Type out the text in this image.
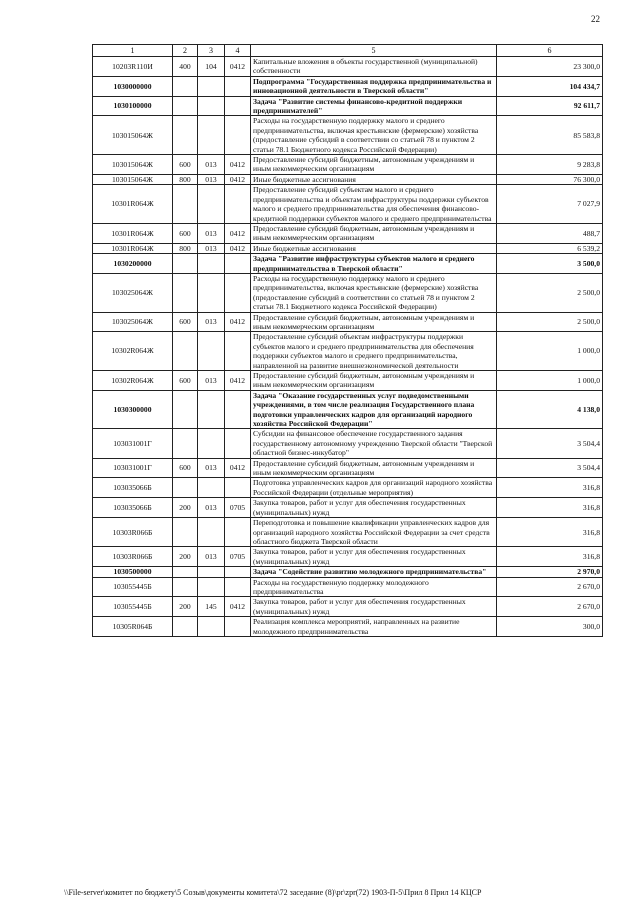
22
1	2	3	4	5	6
10203R110И	400	104	0412	Капитальные вложения в объекты государственной (муниципальной) собственности	23 300,0
1030000000				Подпрограмма "Государственная поддержка предпринимательства и инновационной деятельности в Тверской области"	104 434,7
1030100000				Задача "Развитие системы финансово-кредитной поддержки предпринимателей"	92 611,7
103015064Ж				Расходы на государственную поддержку малого и среднего предпринимательства, включая крестьянские (фермерские) хозяйства (предоставление субсидий в соответствии со статьей 78 и пунктом 2 статьи 78.1 Бюджетного кодекса Российской Федерации)	85 583,8
103015064Ж	600	013	0412	Предоставление субсидий бюджетным, автономным учреждениям и иным некоммерческим организациям	9 283,8
103015064Ж	800	013	0412	Иные бюджетные ассигнования	76 300,0
10301R064Ж				Предоставление субсидий субъектам малого и среднего предпринимательства и объектам инфраструктуры поддержки субъектов малого и среднего предпринимательства для обеспечения финансово-кредитной поддержки субъектов малого и среднего предпринимательства	7 027,9
10301R064Ж	600	013	0412	Предоставление субсидий бюджетным, автономным учреждениям и иным некоммерческим организациям	488,7
10301R064Ж	800	013	0412	Иные бюджетные ассигнования	6 539,2
1030200000				Задача "Развитие инфраструктуры субъектов малого и среднего предпринимательства в Тверской области"	3 500,0
103025064Ж				Расходы на государственную поддержку малого и среднего предпринимательства, включая крестьянские (фермерские) хозяйства (предоставление субсидий в соответствии со статьей 78 и пунктом 2 статьи 78.1 Бюджетного кодекса Российской Федерации)	2 500,0
103025064Ж	600	013	0412	Предоставление субсидий бюджетным, автономным учреждениям и иным некоммерческим организациям	2 500,0
10302R064Ж				Предоставление субсидий объектам инфраструктуры поддержки субъектов малого и среднего предпринимательства для обеспечения поддержки субъектов малого и среднего предпринимательства, направленной на развитие внешнеэкономической деятельности	1 000,0
10302R064Ж	600	013	0412	Предоставление субсидий бюджетным, автономным учреждениям и иным некоммерческим организациям	1 000,0
1030300000				Задача "Оказание государственных услуг подведомственными учреждениями, в том числе реализация Государственного плана подготовки управленческих кадров для организаций народного хозяйства Российской Федерации"	4 138,0
103031001Г				Субсидии на финансовое обеспечение государственного задания государственному автономному учреждению Тверской области "Тверской областной бизнес-инкубатор"	3 504,4
103031001Г	600	013	0412	Предоставление субсидий бюджетным, автономным учреждениям и иным некоммерческим организациям	3 504,4
103035066Б				Подготовка управленческих кадров для организаций народного хозяйства Российской Федерации (отдельные мероприятия)	316,8
103035066Б	200	013	0705	Закупка товаров, работ и услуг для обеспечения государственных (муниципальных) нужд	316,8
10303R066Б				Переподготовка и повышение квалификации управленческих кадров для организаций народного хозяйства Российской Федерации за счет средств областного бюджета Тверской области	316,8
10303R066Б	200	013	0705	Закупка товаров, работ и услуг для обеспечения государственных (муниципальных) нужд	316,8
1030500000				Задача "Содействие развитию молодежного предпринимательства"	2 970,0
103055445Б				Расходы на государственную поддержку молодежного предпринимательства	2 670,0
103055445Б	200	145	0412	Закупка товаров, работ и услуг для обеспечения государственных (муниципальных) нужд	2 670,0
10305R064Б				Реализация комплекса мероприятий, направленных на развитие молодежного предпринимательства	300,0
\\File-server\комитет по бюджету\5 Созыв\документы комитета\72 заседание (8)\pr\zpr(72) 1903-П-5\Прил 8 Прил 14 КЦСР
